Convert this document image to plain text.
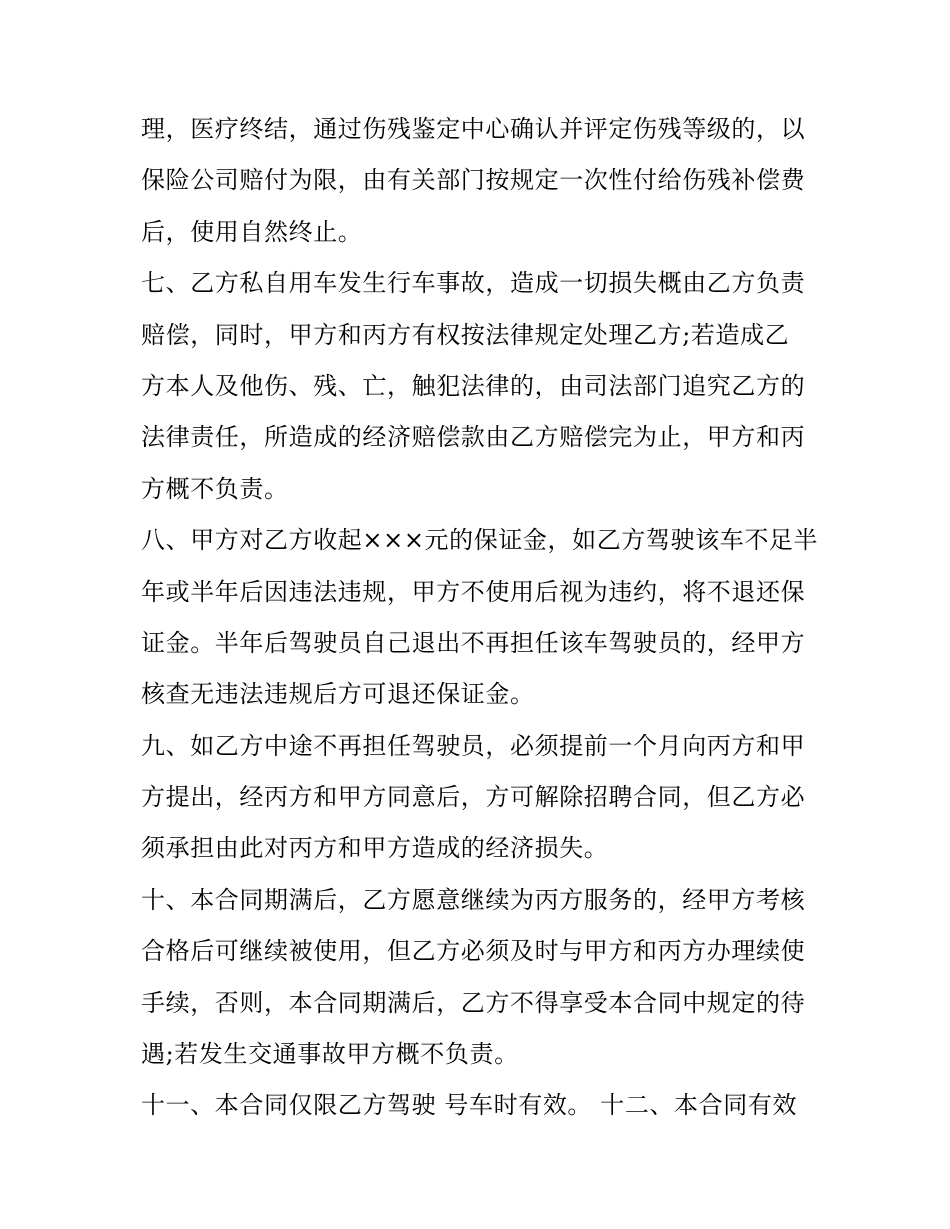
理，医疗终结，通过伤残鉴定中心确认并评定伤残等级的，以
保险公司赔付为限，由有关部门按规定一次性付给伤残补偿费
后，使用自然终止。
七、乙方私自用车发生行车事故，造成一切损失概由乙方负责
赔偿，同时，甲方和丙方有权按法律规定处理乙方;若造成乙
方本人及他伤、残、亡，触犯法律的，由司法部门追究乙方的
法律责任，所造成的经济赔偿款由乙方赔偿完为止，甲方和丙
方概不负责。
八、甲方对乙方收起×××元的保证金，如乙方驾驶该车不足半
年或半年后因违法违规，甲方不使用后视为违约，将不退还保
证金。半年后驾驶员自己退出不再担任该车驾驶员的，经甲方
核查无违法违规后方可退还保证金。
九、如乙方中途不再担任驾驶员，必须提前一个月向丙方和甲
方提出，经丙方和甲方同意后，方可解除招聘合同，但乙方必
须承担由此对丙方和甲方造成的经济损失。
十、本合同期满后，乙方愿意继续为丙方服务的，经甲方考核
合格后可继续被使用，但乙方必须及时与甲方和丙方办理续使
手续，否则，本合同期满后，乙方不得享受本合同中规定的待
遇;若发生交通事故甲方概不负责。
十一、本合同仅限乙方驾驶 号车时有效。 十二、本合同有效
